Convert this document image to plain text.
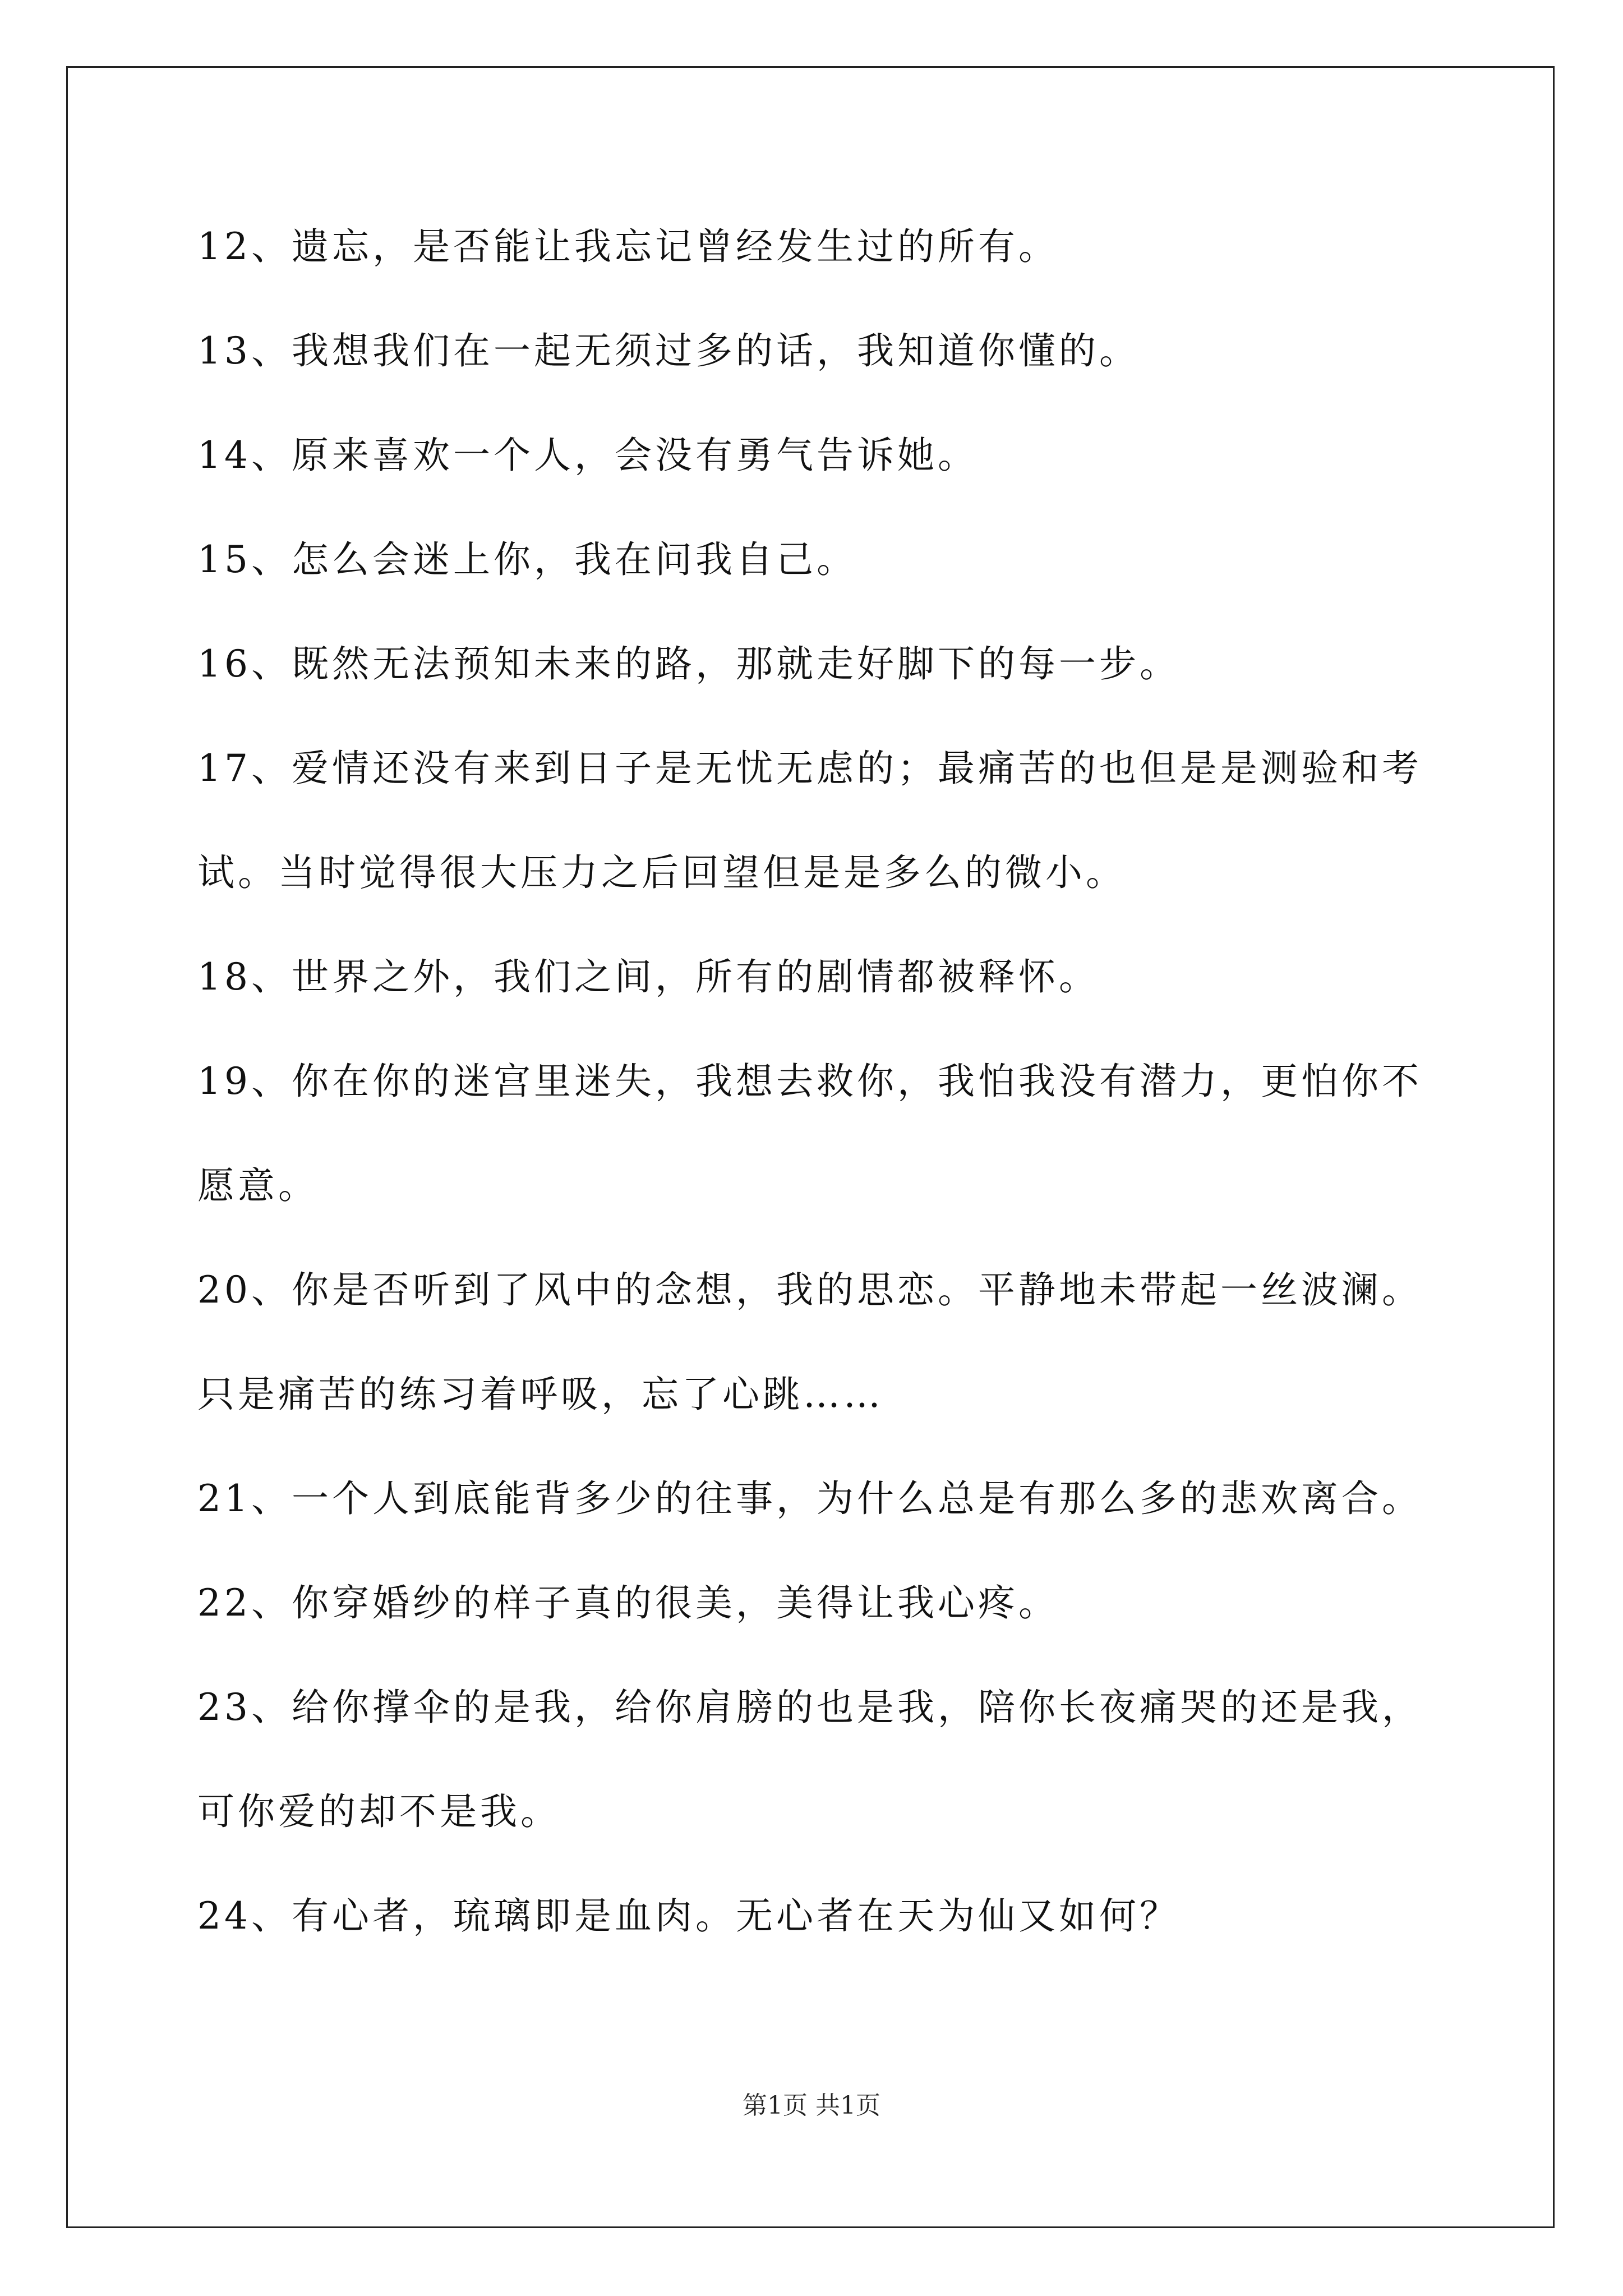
12、遗忘，是否能让我忘记曾经发生过的所有。
13、我想我们在一起无须过多的话，我知道你懂的。
14、原来喜欢一个人，会没有勇气告诉她。
15、怎么会迷上你，我在问我自己。
16、既然无法预知未来的路，那就走好脚下的每一步。
17、爱情还没有来到日子是无忧无虑的；最痛苦的也但是是测验和考
试。当时觉得很大压力之后回望但是是多么的微小。
18、世界之外，我们之间，所有的剧情都被释怀。
19、你在你的迷宫里迷失，我想去救你，我怕我没有潜力，更怕你不
愿意。
20、你是否听到了风中的念想，我的思恋。平静地未带起一丝波澜。
只是痛苦的练习着呼吸，忘了心跳……
21、一个人到底能背多少的往事，为什么总是有那么多的悲欢离合。
22、你穿婚纱的样子真的很美，美得让我心疼。
23、给你撑伞的是我，给你肩膀的也是我，陪你长夜痛哭的还是我，
可你爱的却不是我。
24、有心者，琉璃即是血肉。无心者在天为仙又如何？
第1页 共1页
